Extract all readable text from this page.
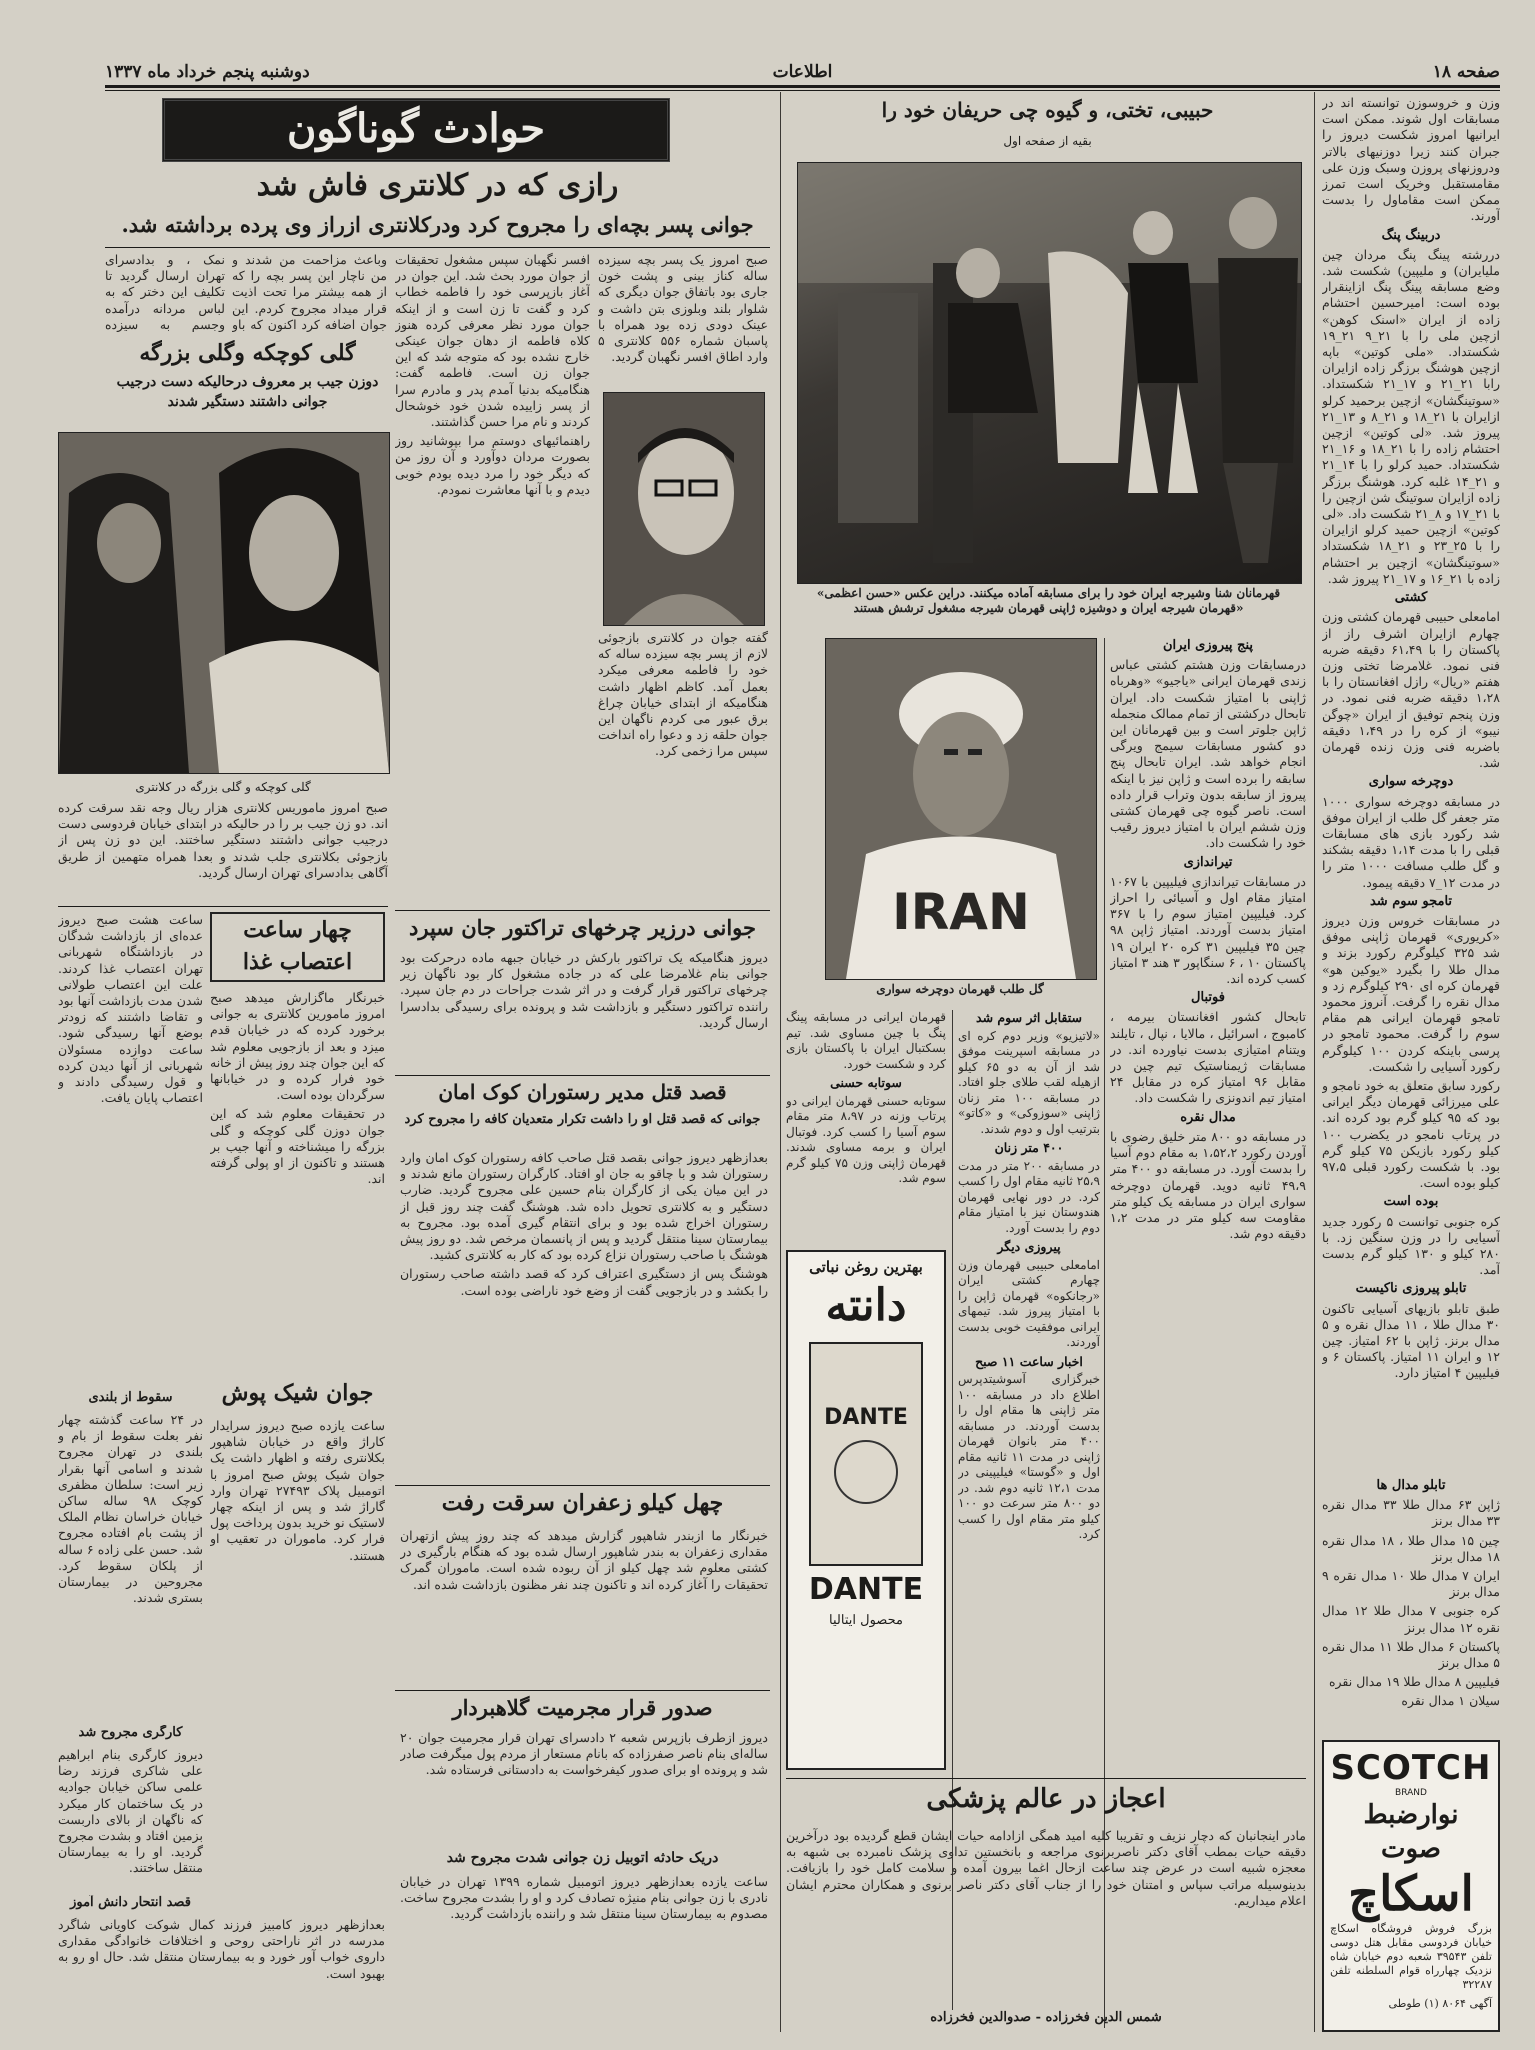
صفحه ۱۸
اطلاعات
دوشنبه پنجم خرداد ماه ۱۳۳۷

وزن و خروسوزن توانسته اند در مسابقات اول شوند. ممکن است ایرانیها امروز شکست دیروز را جبران کنند زیرا دوزنیهای بالاتر ودروزنهای پروزن وسبک وزن علی مقامستقبل وخریک است تمرز ممکن است مقاماول را بدست آورند.

دربینگ پنگ

دررشته پینگ پنگ مردان چین ملیایران) و ملیپین) شکست شد. وضع مسابقه پینگ پنگ ازاینقرار بوده است: امیرحسین احتشام زاده از ایران «اسنک کوهن» ازچین ملی را با ۲۱_۹ ۲۱_۱۹ شکستداد. «ملی کوتین» باپه ازچین هوشنگ برزگر زاده ازایران رابا ۲۱_۲۱ و ۱۷_۲۱ شکستداد. «سوتینگشان» ازچین برحمید کرلو ازایران با ۲۱_۱۸ و ۲۱_۸ و ۱۳_۲۱ پیروز شد. «لی کوتین» ازچین احتشام زاده را با ۲۱_۱۸ و ۱۶_۲۱ شکستداد. حمید کرلو را با ۱۴_۲۱ و ۲۱_۱۴ غلبه کرد. هوشنگ برزگر زاده ازایران سوتینگ شن ازچین را با ۲۱_۱۷ و ۸_۲۱ شکست داد. «لی کوتین» ازچین حمید کرلو ازایران را با ۲۵_۲۳ و ۲۱_۱۸ شکستداد «سوتینگشان» ازچین بر احتشام زاده با ۲۱_۱۶ و ۱۷_۲۱ پیروز شد.

کشتی

امامعلی حبیبی قهرمان کشتی وزن چهارم ازایران اشرف راز از پاکستان را با ۶۱،۴۹ دقیقه ضربه فنی نمود. غلامرضا تختی وزن هفتم «ریال» رازل افغانستان را با ۱،۲۸ دقیقه ضربه فنی نمود. در وزن پنجم توفیق از ایران «چوگن نیبو» از کره را در ۱،۴۹ دقیقه باضربه فنی وزن زنده قهرمان شد.

دوچرخه سواری

در مسابقه دوچرخه سواری ۱۰۰۰ متر جعفر گل طلب از ایران موفق شد رکورد بازی های مسابقات قبلی را با مدت ۱،۱۴ دقیقه بشکند و گل طلب مسافت ۱۰۰۰ متر را در مدت ۱۲_۷ دقیقه پیمود.

تامجو سوم شد

در مسابقات خروس وزن دیروز «کریوری» قهرمان ژاپنی موفق شد ۳۲۵ کیلوگرم رکورد بزند و مدال طلا را بگیرد «یوکین هو» قهرمان کره ای ۲۹۰ کیلوگرم زد و مدال نقره را گرفت. آنروز محمود تامجو قهرمان ایرانی هم مقام سوم را گرفت. محمود تامجو در پرسی باینکه کردن ۱۰۰ کیلوگرم رکورد آسیایی را شکست.

رکورد سابق متعلق به خود نامجو و علی میرزائی قهرمان دیگر ایرانی بود که ۹۵ کیلو گرم بود کرده اند. در پرتاب نامجو در یکضرب ۱۰۰ کیلو رکورد بازیکن ۷۵ کیلو گرم بود. با شکست رکورد قبلی ۹۷،۵ کیلو بوده است.

بوده است

کره جنوبی توانست ۵ رکورد جدید آسیایی را در وزن سنگین زد. با ۲۸۰ کیلو و ۱۳۰ کیلو گرم بدست آمد.

تابلو پیروزی ناکیست

طبق تابلو بازیهای آسیایی تاکنون ۳۰ مدال طلا ، ۱۱ مدال نقره و ۵ مدال برنز. ژاپن با ۶۲ امتیاز. چین ۱۲ و ایران ۱۱ امتیاز. پاکستان ۶ و فیلیپین ۴ امتیاز دارد.

تابلو مدال ها

ژاپن ۶۳ مدال طلا ۳۳ مدال نقره ۳۳ مدال برنز

چین ۱۵ مدال طلا ، ۱۸ مدال نقره ۱۸ مدال برنز

ایران ۷ مدال طلا ۱۰ مدال نقره ۹ مدال برنز

کره جنوبی ۷ مدال طلا ۱۲ مدال نقره ۱۲ مدال برنز

پاکستان ۶ مدال طلا ۱۱ مدال نقره ۵ مدال برنز

فیلیپین ۸ مدال طلا ۱۹ مدال نقره

سیلان ۱ مدال نقره

SCOTCH
BRAND
نوارضبط صوت
اسکاچ
بزرگ فروش فروشگاه اسکاچ خیابان فردوسی مقابل هتل دوسی تلفن ۳۹۵۴۳ شعبه دوم خیابان شاه نزدیک چهارراه قوام السلطنه تلفن ۳۲۲۸۷
آگهی ۸۰۶۴ (۱) طوطی
حبیبی، تختی، و گیوه چی حریفان خود را
بقیه از صفحه اول
قهرمانان شنا وشیرجه ایران خود را برای مسابقه آماده میکنند. دراین عکس «حسن اعظمی» «قهرمان شیرجه ایران و دوشیزه ژاپنی قهرمان شیرجه مشغول ترشش هستند

پنج پیروزی ایران

درمسابقات وزن هشتم کشتی عباس زندی قهرمان ایرانی «یاجیو» «وهرباه ژاپنی با امتیاز شکست داد. ایران تابحال درکشتی از تمام ممالک منجمله ژاپن جلوتر است و بین قهرمانان این دو کشور مسابقات سیمج ویرگی انجام خواهد شد. ایران تابحال پنج سابقه را برده است و ژاپن نیز با اینکه پیروز از سابقه بدون وتراب قرار داده است. ناصر گیوه چی قهرمان کشتی وزن ششم ایران با امتیاز دیروز رقیب خود را شکست داد.

تیراندازی

در مسابقات تیراندازی فیلیپین با ۱۰۶۷ امتیاز مقام اول و آسیائی را احراز کرد. فیلیپین امتیاز سوم را با ۳۶۷ امتیاز بدست آوردند. امتیاز ژاپن ۹۸ چین ۳۵ فیلیپین ۳۱ کره ۲۰ ایران ۱۹ پاکستان ۱۰ ، ۶ سنگاپور ۳ هند ۳ امتیاز کسب کرده اند.

فوتبال

تابحال کشور افغانستان بیرمه ، کامبوج ، اسرائیل ، مالایا ، نپال ، تایلند ویتنام امتیازی بدست نیاورده اند. در مسابقات ژیمناستیک تیم چین در مقابل ۹۶ امتیاز کره در مقابل ۲۴ امتیاز تیم اندونزی را شکست داد.

مدال نقره

در مسابقه دو ۸۰۰ متر خلیق رضوی با آوردن رکورد ۱،۵۲،۲ به مقام دوم آسیا را بدست آورد. در مسابقه دو ۴۰۰ متر ۴۹،۹ ثانیه دوید. قهرمان دوچرخه سواری ایران در مسابقه یک کیلو متر مقاومت سه کیلو متر در مدت ۱،۲ دقیقه دوم شد.

IRAN
گل طلب قهرمان دوچرخه سواری

ستقابل اثر سوم شد

«لاتیزیو» وزیر دوم کره ای در مسابقه اسپرینت موفق شد از آن به دو ۶۵ کیلو ازهیله لقب طلای جلو افتاد. در مسابقه ۱۰۰ متر زنان ژاپنی «سوزوکی» و «کاتو» بترتیب اول و دوم شدند.

۴۰۰ متر زنان

در مسابقه ۲۰۰ متر در مدت ۲۵،۹ ثانیه مقام اول را کسب کرد. در دور نهایی قهرمان هندوستان نیز با امتیاز مقام دوم را بدست آورد.

پیروزی دیگر

امامعلی حبیبی قهرمان وزن چهارم کشتی ایران «رجانکوه» قهرمان ژاپن را با امتیاز پیروز شد. تیمهای ایرانی موفقیت خوبی بدست آوردند.

اخبار ساعت ۱۱ صبح

خبرگزاری آسوشیتدپرس اطلاع داد در مسابقه ۱۰۰ متر ژاپنی ها مقام اول را بدست آوردند. در مسابقه ۴۰۰ متر بانوان قهرمان ژاپنی در مدت ۱۱ ثانیه مقام اول و «گوستا» فیلیپینی در مدت ۱۲،۱ ثانیه دوم شد. در دو ۸۰۰ متر سرعت دو ۱۰۰ کیلو متر مقام اول را کسب کرد.

قهرمان ایرانی در مسابقه پینگ پنگ با چین مساوی شد. تیم بسکتبال ایران با پاکستان بازی کرد و شکست خورد.

سوتابه حسنی

سوتابه حسنی قهرمان ایرانی دو پرتاب وزنه در ۸،۹۷ متر مقام سوم آسیا را کسب کرد. فوتبال ایران و برمه مساوی شدند. قهرمان ژاپنی وزن ۷۵ کیلو گرم سوم شد.

بهترین روغن نباتی
دانته
DANTE
DANTE
محصول ایتالیا
اعجاز در عالم پزشکی
مادر اینجانبان که دچار نزیف و تقریبا کلیه امید همگی ازادامه حیات ایشان قطع گردیده بود درآخرین دقیقه حیات بمطب آقای دکتر ناصربرنوی مراجعه و بانخستین تداوی پزشک نامبرده بی شبهه به معجزه شبیه است در عرض چند ساعت ازحال اغما بیرون آمده و سلامت کامل خود را بازیافت. بدینوسیله مراتب سپاس و امتنان خود را از جناب آقای دکتر ناصر برنوی و همکاران محترم ایشان اعلام میداریم.
شمس الدین فخرزاده - صدوالدین فخرزاده
حوادث گوناگون
رازی که در کلانتری فاش شد
جوانی پسر بچه‌ای را مجروح کرد ودرکلانتری ازراز وی پرده برداشته شد.
صبح امروز یک پسر بچه سیزده ساله کناز بینی و پشت خون جاری بود باتفاق جوان دیگری که شلوار بلند وبلوزی بتن داشت و عینک دودی زده بود همراه با پاسبان شماره ۵۵۶ کلانتری ۵ وارد اطاق افسر نگهبان گردید.

افسر نگهبان سپس مشغول تحقیقات از جوان مورد بحث شد. این جوان در آغاز بازپرسی خود را فاطمه خطاب کرد و گفت تا زن است و از اینکه جوان مورد نظر معرفی کرده هنوز کلاه فاطمه از دهان جوان عینکی خارج نشده بود که متوجه شد که این جوان زن است. فاطمه گفت: هنگامیکه بدنیا آمدم پدر و مادرم سرا از پسر زاییده شدن خود خوشحال کردند و نام مرا حسن گذاشتند.

راهنمائیهای دوستم مرا بپوشانید روز بصورت مردان دوآورد و آن روز من که دیگر خود را مرد دیده بودم خوبی دیدم و با آنها معاشرت نمودم.

وباعث مزاحمت من شدند و من ناچار این پسر بچه را که از همه بیشتر مرا تحت اذیت قرار میداد مجروح کردم. این جوان اضافه کرد اکنون که باو
نمک ، و بدادسرای تهران ارسال گردید تا تکلیف این دختر که به لباس مردانه درآمده وجسم به سیزده
گفته جوان در کلانتری بازجوئی لازم از پسر بچه سیزده ساله که خود را فاطمه معرفی میکرد بعمل آمد. کاظم اظهار داشت هنگامیکه از ابتدای خیابان چراغ برق عبور می کردم ناگهان این جوان حلقه زد و دعوا راه انداخت سپس مرا زخمی کرد.
گلی کوچکه وگلی بزرگه
دوزن جیب بر معروف درحالیکه دست درجیب جوانی داشتند دستگیر شدند
گلی کوچکه و گلی بزرگه در کلانتری
صبح امروز ماموریس کلانتری هزار ریال وجه نقد سرقت کرده اند. دو زن جیب بر را در حالیکه در ابتدای خیابان فردوسی دست درجیب جوانی داشتند دستگیر ساختند. این دو زن پس از بازجوئی بکلانتری جلب شدند و بعدا همراه متهمین از طریق آگاهی بدادسرای تهران ارسال گردید.
جوانی درزیر چرخهای تراکتور جان سپرد
دیروز هنگامیکه یک تراکتور بارکش در خیابان جبهه ماده درحرکت بود جوانی بنام غلامرضا علی که در جاده مشغول کار بود ناگهان زیر چرخهای تراکتور قرار گرفت و در اثر شدت جراحات در دم جان سپرد. راننده تراکتور دستگیر و بازداشت شد و پرونده برای رسیدگی بدادسرا ارسال گردید.
چهار ساعت اعتصاب غذا
ساعت هشت صبح دیروز عده‌ای از بازداشت شدگان در بازداشتگاه شهربانی تهران اعتصاب غذا کردند. علت این اعتصاب طولانی شدن مدت بازداشت آنها بود و تقاضا داشتند که زودتر بوضع آنها رسیدگی شود. ساعت دوازده مسئولان شهربانی از آنها دیدن کرده و قول رسیدگی دادند و اعتصاب پایان یافت.

خبرنگار ماگزارش میدهد صبح امروز مامورین کلانتری به جوانی برخورد کرده که در خیابان قدم میزد و بعد از بازجویی معلوم شد که این جوان چند روز پیش از خانه خود فرار کرده و در خیابانها سرگردان بوده است.

در تحقیقات معلوم شد که این جوان دوزن گلی کوچکه و گلی بزرگه را میشناخته و آنها جیب بر هستند و تاکنون از او پولی گرفته اند.

قصد قتل مدیر رستوران کوک امان
جوانی که قصد قتل او را داشت تکرار متعدیان کافه را مجروح کرد

بعدازظهر دیروز جوانی بقصد قتل صاحب کافه رستوران کوک امان وارد رستوران شد و با چاقو به جان او افتاد. کارگران رستوران مانع شدند و در این میان یکی از کارگران بنام حسین علی مجروح گردید. ضارب دستگیر و به کلانتری تحویل داده شد. هوشنگ گفت چند روز قبل از رستوران اخراج شده بود و برای انتقام گیری آمده بود. مجروح به بیمارستان سینا منتقل گردید و پس از پانسمان مرخص شد. دو روز پیش هوشنگ با صاحب رستوران نزاع کرده بود که کار به کلانتری کشید.

هوشنگ پس از دستگیری اعتراف کرد که قصد داشته صاحب رستوران را بکشد و در بازجویی گفت از وضع خود ناراضی بوده است.

جوان شیک پوش
ساعت یازده صبح دیروز سرایدار کاراژ واقع در خیابان شاهپور بکلانتری رفته و اظهار داشت یک جوان شیک پوش صبح امروز با اتومبیل پلاک ۲۷۴۹۳ تهران وارد گاراژ شد و پس از اینکه چهار لاستیک نو خرید بدون پرداخت پول فرار کرد. ماموران در تعقیب او هستند.
سقوط از بلندی
در ۲۴ ساعت گذشته چهار نفر بعلت سقوط از بام و بلندی در تهران مجروح شدند و اسامی آنها بقرار زیر است: سلطان مظفری کوچک ۹۸ ساله ساکن خیابان خراسان نظام الملک از پشت بام افتاده مجروح شد. حسن علی زاده ۶ ساله از پلکان سقوط کرد. مجروحین در بیمارستان بستری شدند.
کارگری مجروح شد
دیروز کارگری بنام ابراهیم علی شاکری فرزند رضا علمی ساکن خیابان جوادیه در یک ساختمان کار میکرد که ناگهان از بالای داربست بزمین افتاد و بشدت مجروح گردید. او را به بیمارستان منتقل ساختند.
قصد انتحار دانش آموز
بعدازظهر دیروز کامبیز فرزند کمال شوکت کاویانی شاگرد مدرسه در اثر ناراحتی روحی و اختلافات خانوادگی مقداری داروی خواب آور خورد و به بیمارستان منتقل شد. حال او رو به بهبود است.
چهل کیلو زعفران سرقت رفت
خبرنگار ما ازبندر شاهپور گزارش میدهد که چند روز پیش ازتهران مقداری زعفران به بندر شاهپور ارسال شده بود که هنگام بارگیری در کشتی معلوم شد چهل کیلو از آن ربوده شده است. ماموران گمرک تحقیقات را آغاز کرده اند و تاکنون چند نفر مظنون بازداشت شده اند.
صدور قرار مجرمیت گلاهبردار
دیروز ازطرف بازپرس شعبه ۲ دادسرای تهران قرار مجرمیت جوان ۲۰ ساله‌ای بنام ناصر صفرزاده که بانام مستعار از مردم پول میگرفت صادر شد و پرونده او برای صدور کیفرخواست به دادستانی فرستاده شد.
دریک حادثه اتوبیل زن جوانی شدت مجروح شد
ساعت یازده بعدازظهر دیروز اتومبیل شماره ۱۳۹۹ تهران در خیابان نادری با زن جوانی بنام منیژه تصادف کرد و او را بشدت مجروح ساخت. مصدوم به بیمارستان سینا منتقل شد و راننده بازداشت گردید.
